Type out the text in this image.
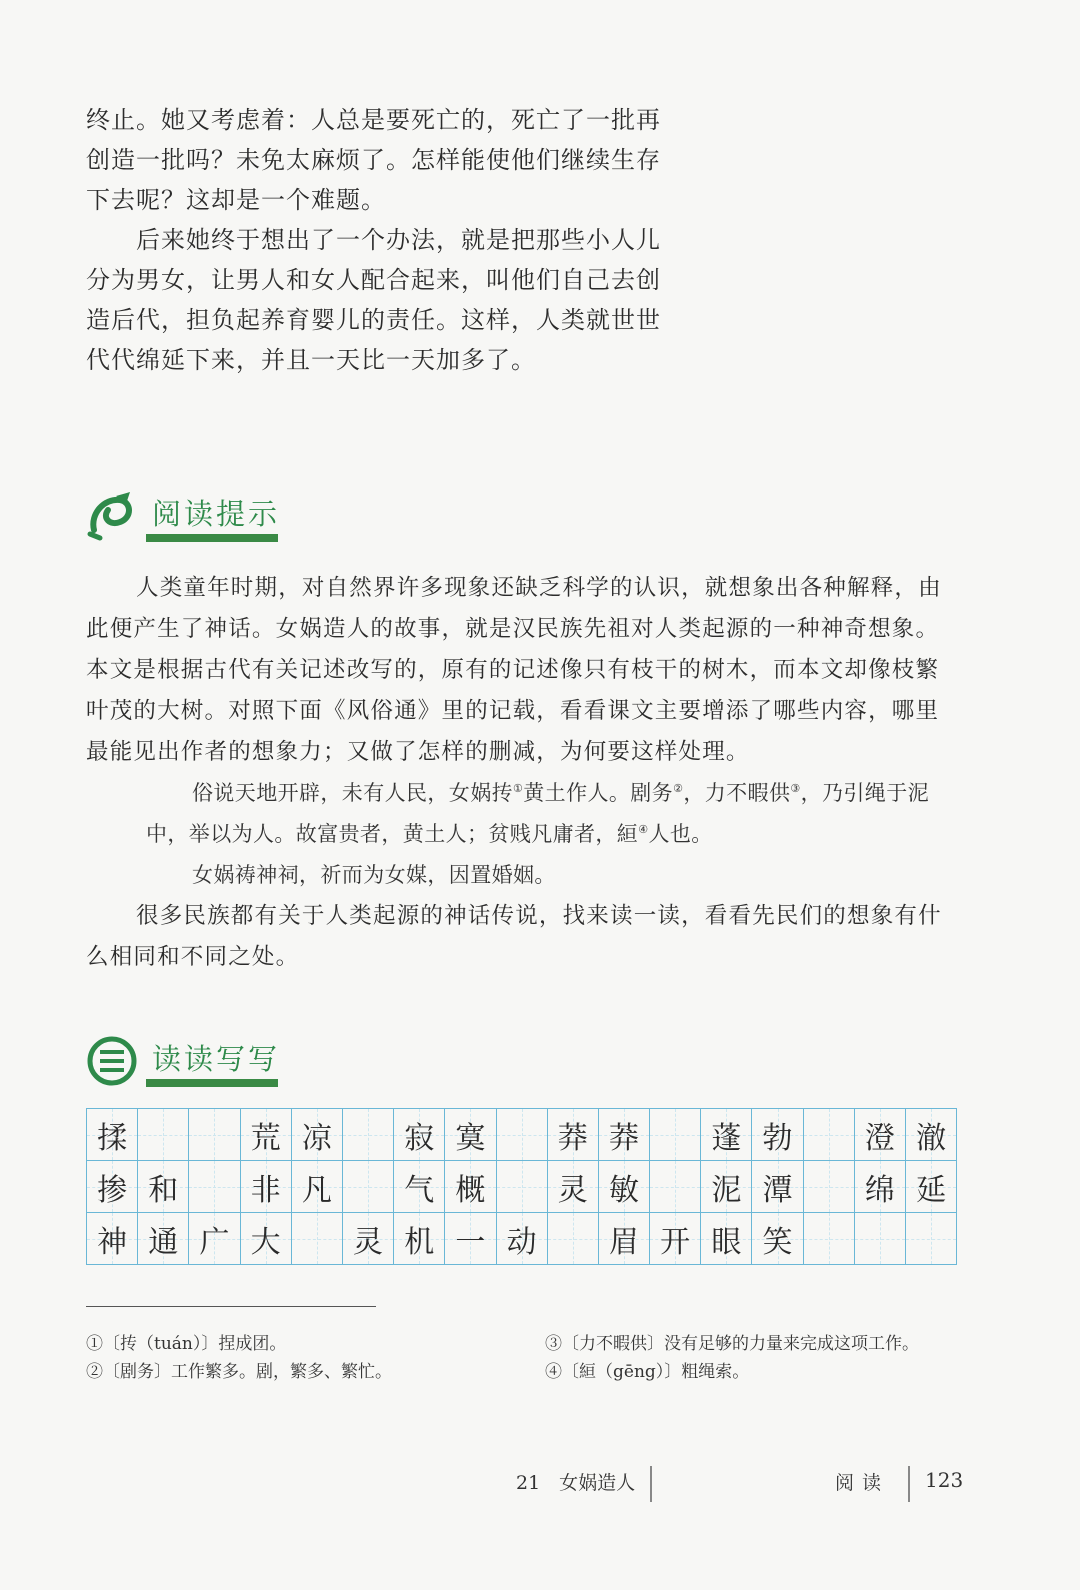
终止。她又考虑着：人总是要死亡的，死亡了一批再创造一批吗？未免太麻烦了。怎样能使他们继续生存下去呢？这却是一个难题。

后来她终于想出了一个办法，就是把那些小人儿分为男女，让男人和女人配合起来，叫他们自己去创造后代，担负起养育婴儿的责任。这样，人类就世世代代绵延下来，并且一天比一天加多了。

阅读提示

人类童年时期，对自然界许多现象还缺乏科学的认识，就想象出各种解释，由此便产生了神话。女娲造人的故事，就是汉民族先祖对人类起源的一种神奇想象。本文是根据古代有关记述改写的，原有的记述像只有枝干的树木，而本文却像枝繁叶茂的大树。对照下面《风俗通》里的记载，看看课文主要增添了哪些内容，哪里最能见出作者的想象力；又做了怎样的删减，为何要这样处理。

俗说天地开辟，未有人民，女娲抟①黄土作人。剧务②，力不暇供③，乃引绳于泥中，举以为人。故富贵者，黄土人；贫贱凡庸者，絙④人也。

女娲祷神祠，祈而为女媒，因置婚姻。

很多民族都有关于人类起源的神话传说，找来读一读，看看先民们的想象有什么相同和不同之处。

读读写写
揉	荒 凉 寂 寞 莽 莽 蓬 勃 澄 澈
掺 和 非 凡 气 概 灵 敏 泥 潭 绵 延
神 通 广 大 灵 机 一 动 眉 开 眼 笑

①〔抟（tuán）〕捏成团。

②〔剧务〕工作繁多。剧，繁多、繁忙。

③〔力不暇供〕没有足够的力量来完成这项工作。

④〔絙（gēng）〕粗绳索。

21　女娲造人	阅读 123
